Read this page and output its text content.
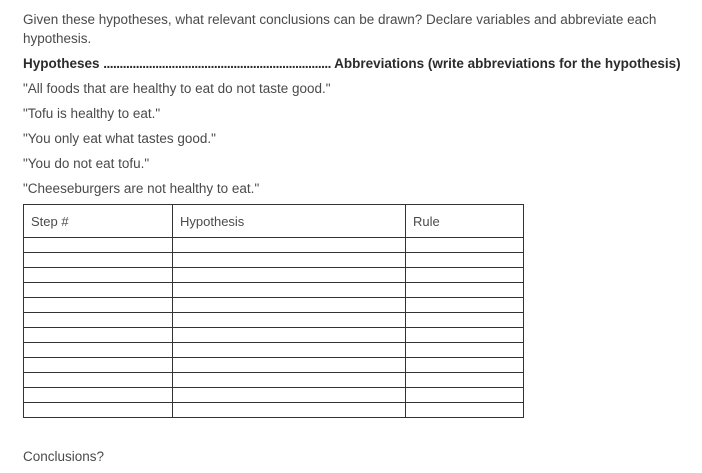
Given these hypotheses, what relevant conclusions can be drawn? Declare variables and abbreviate each hypothesis.
Hypotheses ...................................................................... Abbreviations (write abbreviations for the hypothesis)
"All foods that are healthy to eat do not taste good."
"Tofu is healthy to eat."
"You only eat what tastes good."
"You do not eat tofu."
"Cheeseburgers are not healthy to eat."
Step #	Hypothesis	Rule

Conclusions?
